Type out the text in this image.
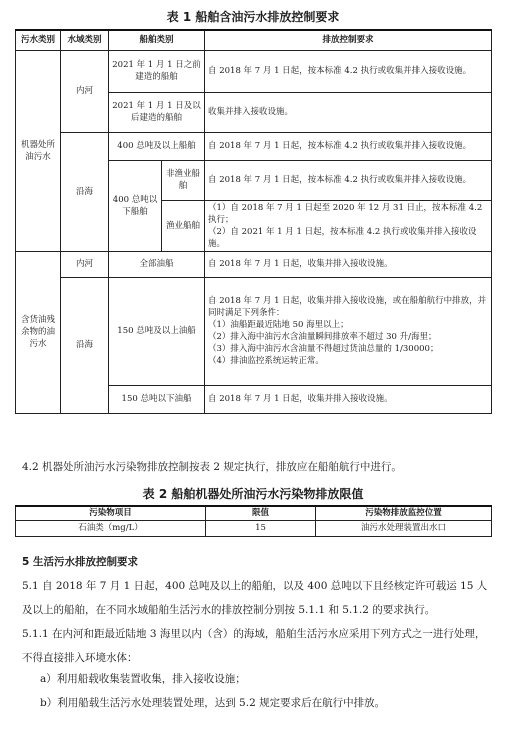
表 1 船舶含油污水排放控制要求
污水类别	水域类别	船舶类别		排放控制要求
机器处所油污水	内河	2021 年 1 月 1 日之前建造的船舶		自 2018 年 7 月 1 日起，按本标准 4.2 执行或收集并排入接收设施。
		2021 年 1 月 1 日及以后建造的船舶		收集并排入接收设施。
	沿海	400 总吨及以上船舶		自 2018 年 7 月 1 日起，按本标准 4.2 执行或收集并排入接收设施。
		400 总吨以下船舶	非渔业船舶	自 2018 年 7 月 1 日起，按本标准 4.2 执行或收集并排入接收设施。
			渔业船舶	（1）自 2018 年 7 月 1 日起至 2020 年 12 月 31 日止，按本标准 4.2 执行；
（2）自 2021 年 1 月 1 日起，按本标准 4.2 执行或收集并排入接收设施。

含货油残余物的油污水	内河	全部油船		自 2018 年 7 月 1 日起，收集并排入接收设施。
	沿海	150 总吨及以上油船		自 2018 年 7 月 1 日起，收集并排入接收设施，或在船舶航行中排放，并同时满足下列条件：
（1）油船距最近陆地 50 海里以上；
（2）排入海中油污水含油量瞬间排放率不超过 30 升/海里；
（3）排入海中油污水含油量不得超过货油总量的 1/30000；
（4）排油监控系统运转正常。

		150 总吨以下油船		自 2018 年 7 月 1 日起，收集并排入接收设施。

4.2 机器处所油污水污染物排放控制按表 2 规定执行，排放应在船舶航行中进行。

表 2 船舶机器处所油污水污染物排放限值
污染物项目	限值	污染物排放监控位置
石油类（mg/L）	15	油污水处理装置出水口

5 生活污水排放控制要求

5.1 自 2018 年 7 月 1 日起，400 总吨及以上的船舶，以及 400 总吨以下且经核定许可载运 15 人及以上的船舶，在不同水域船舶生活污水的排放控制分别按 5.1.1 和 5.1.2 的要求执行。

5.1.1 在内河和距最近陆地 3 海里以内（含）的海域，船舶生活污水应采用下列方式之一进行处理，不得直接排入环境水体：

a）利用船载收集装置收集，排入接收设施；

b）利用船载生活污水处理装置处理，达到 5.2 规定要求后在航行中排放。
